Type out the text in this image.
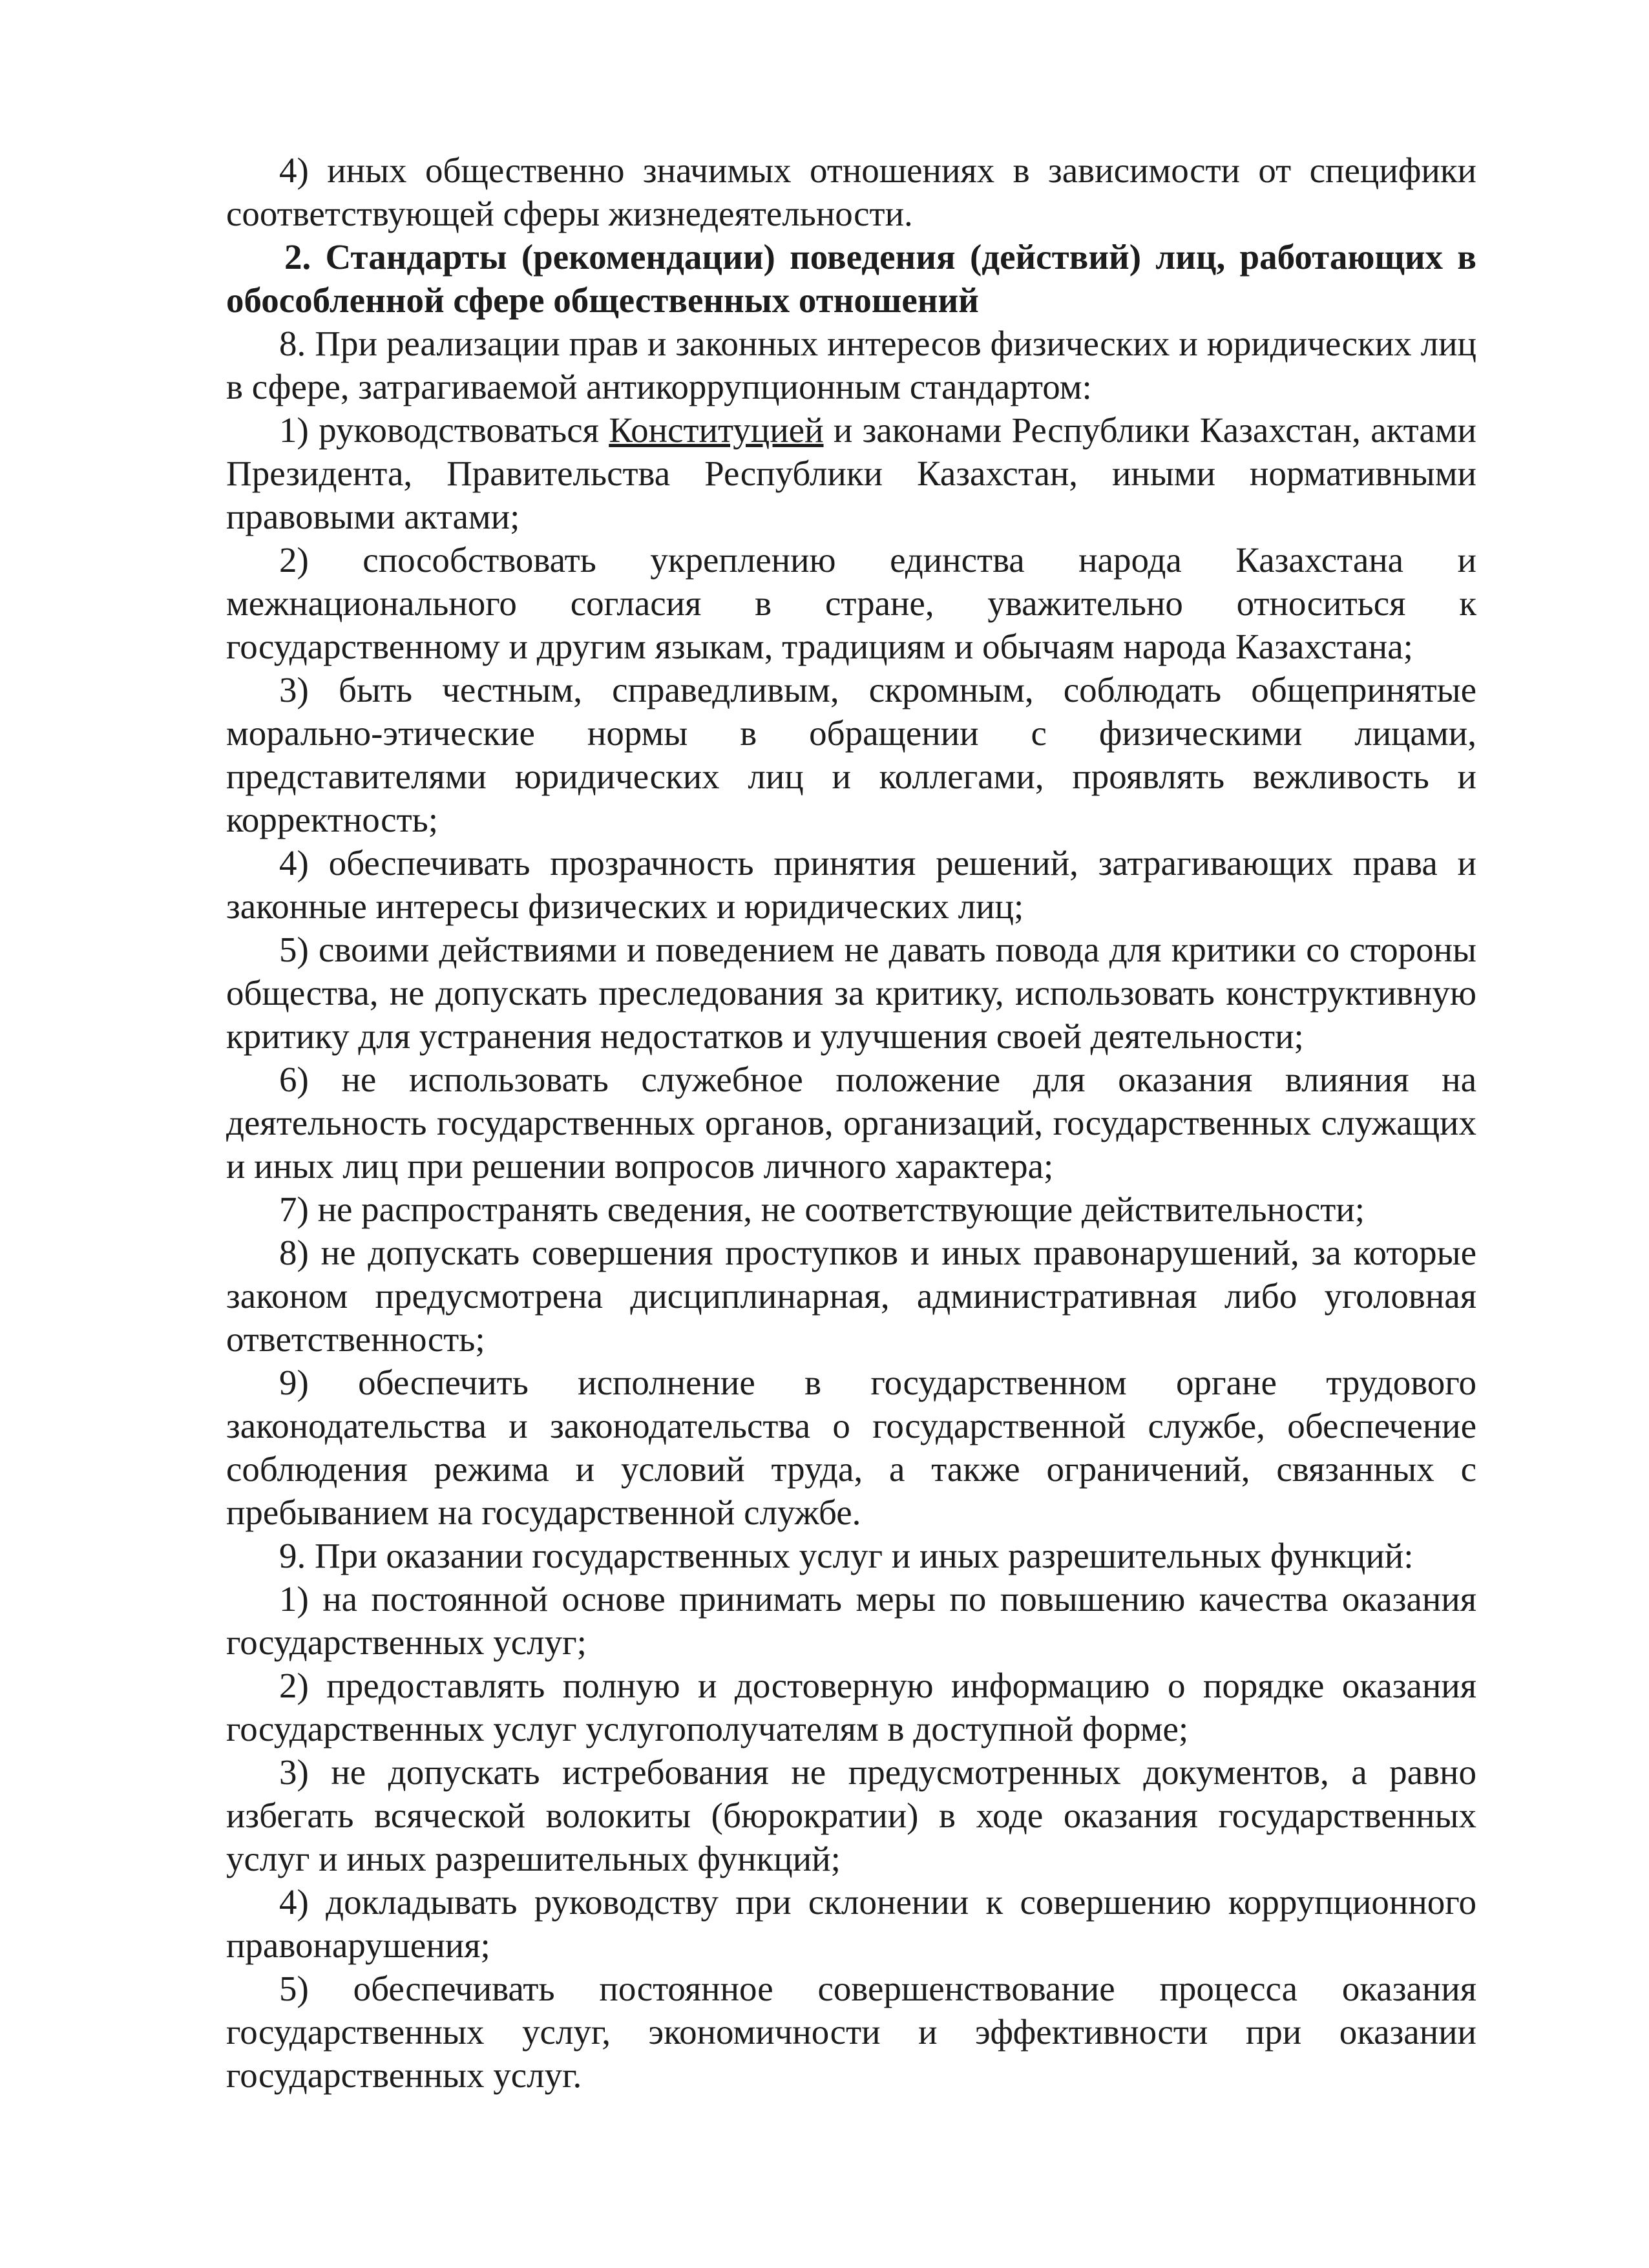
4) иных общественно значимых отношениях в зависимости от специфики соответствующей сферы жизнедеятельности.

2. Стандарты (рекомендации) поведения (действий) лиц, работающих в обособленной сфере общественных отношений

8. При реализации прав и законных интересов физических и юридических лиц в сфере, затрагиваемой антикоррупционным стандартом:

1) руководствоваться Конституцией и законами Республики Казахстан, актами Президента, Правительства Республики Казахстан, иными нормативными правовыми актами;

2) способствовать укреплению единства народа Казахстана и межнационального согласия в стране, уважительно относиться к государственному и другим языкам, традициям и обычаям народа Казахстана;

3) быть честным, справедливым, скромным, соблюдать общепринятые морально-этические нормы в обращении с физическими лицами, представителями юридических лиц и коллегами, проявлять вежливость и корректность;

4) обеспечивать прозрачность принятия решений, затрагивающих права и законные интересы физических и юридических лиц;

5) своими действиями и поведением не давать повода для критики со стороны общества, не допускать преследования за критику, использовать конструктивную критику для устранения недостатков и улучшения своей деятельности;

6) не использовать служебное положение для оказания влияния на деятельность государственных органов, организаций, государственных служащих и иных лиц при решении вопросов личного характера;

7) не распространять сведения, не соответствующие действительности;

8) не допускать совершения проступков и иных правонарушений, за которые законом предусмотрена дисциплинарная, административная либо уголовная ответственность;

9) обеспечить исполнение в государственном органе трудового законодательства и законодательства о государственной службе, обеспечение соблюдения режима и условий труда, а также ограничений, связанных с пребыванием на государственной службе.

9. При оказании государственных услуг и иных разрешительных функций:

1) на постоянной основе принимать меры по повышению качества оказания государственных услуг;

2) предоставлять полную и достоверную информацию о порядке оказания государственных услуг услугополучателям в доступной форме;

3) не допускать истребования не предусмотренных документов, а равно избегать всяческой волокиты (бюрократии) в ходе оказания государственных услуг и иных разрешительных функций;

4) докладывать руководству при склонении к совершению коррупционного правонарушения;

5) обеспечивать постоянное совершенствование процесса оказания государственных услуг, экономичности и эффективности при оказании государственных услуг.
